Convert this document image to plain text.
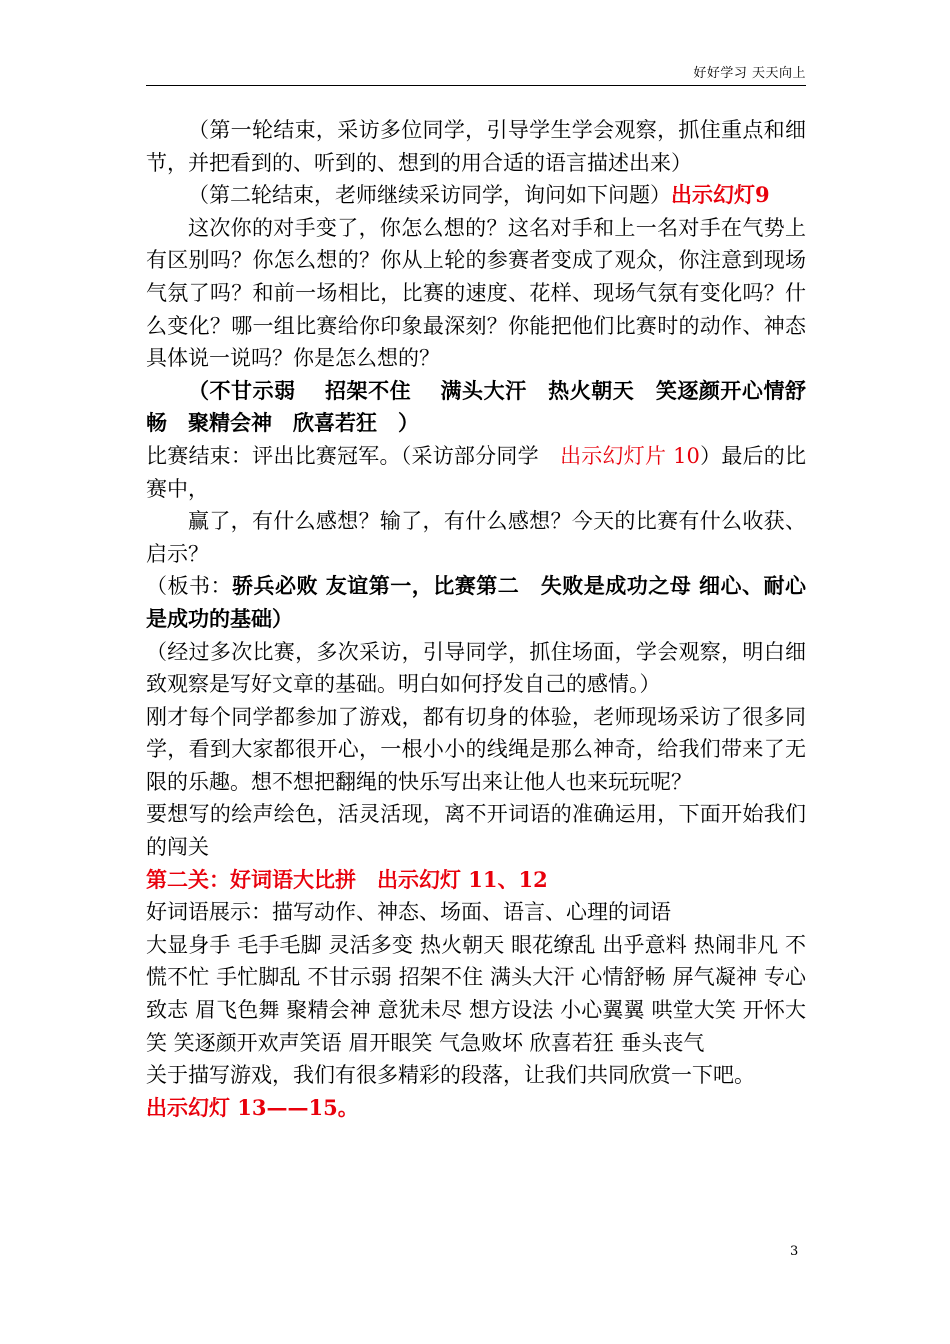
好好学习 天天向上

（第一轮结束，采访多位同学，引导学生学会观察，抓住重点和细节，并把看到的、听到的、想到的用合适的语言描述出来）

（第二轮结束，老师继续采访同学，询问如下问题）出示幻灯9

这次你的对手变了，你怎么想的？这名对手和上一名对手在气势上有区别吗？你怎么想的？你从上轮的参赛者变成了观众，你注意到现场气氛了吗？和前一场相比，比赛的速度、花样、现场气氛有变化吗？什么变化？哪一组比赛给你印象最深刻？你能把他们比赛时的动作、神态具体说一说吗？你是怎么想的？

（不甘示弱　 招架不住　 满头大汗　热火朝天　笑逐颜开心情舒畅　聚精会神　欣喜若狂　）

比赛结束：评出比赛冠军。（采访部分同学　出示幻灯片 10）最后的比赛中，

赢了，有什么感想？输了，有什么感想？今天的比赛有什么收获、启示？

（板书：骄兵必败 友谊第一，比赛第二　失败是成功之母 细心、耐心是成功的基础）

（经过多次比赛，多次采访，引导同学，抓住场面，学会观察，明白细致观察是写好文章的基础。明白如何抒发自己的感情。）

刚才每个同学都参加了游戏，都有切身的体验，老师现场采访了很多同学，看到大家都很开心，一根小小的线绳是那么神奇，给我们带来了无限的乐趣。想不想把翻绳的快乐写出来让他人也来玩玩呢？

要想写的绘声绘色，活灵活现，离不开词语的准确运用，下面开始我们的闯关

第二关：好词语大比拼　出示幻灯 11、12

好词语展示：描写动作、神态、场面、语言、心理的词语

大显身手 毛手毛脚 灵活多变 热火朝天 眼花缭乱 出乎意料 热闹非凡 不慌不忙 手忙脚乱 不甘示弱 招架不住 满头大汗 心情舒畅 屏气凝神 专心致志 眉飞色舞 聚精会神 意犹未尽 想方设法 小心翼翼 哄堂大笑 开怀大笑 笑逐颜开欢声笑语 眉开眼笑 气急败坏 欣喜若狂 垂头丧气

关于描写游戏，我们有很多精彩的段落，让我们共同欣赏一下吧。

出示幻灯 13——15。

3
